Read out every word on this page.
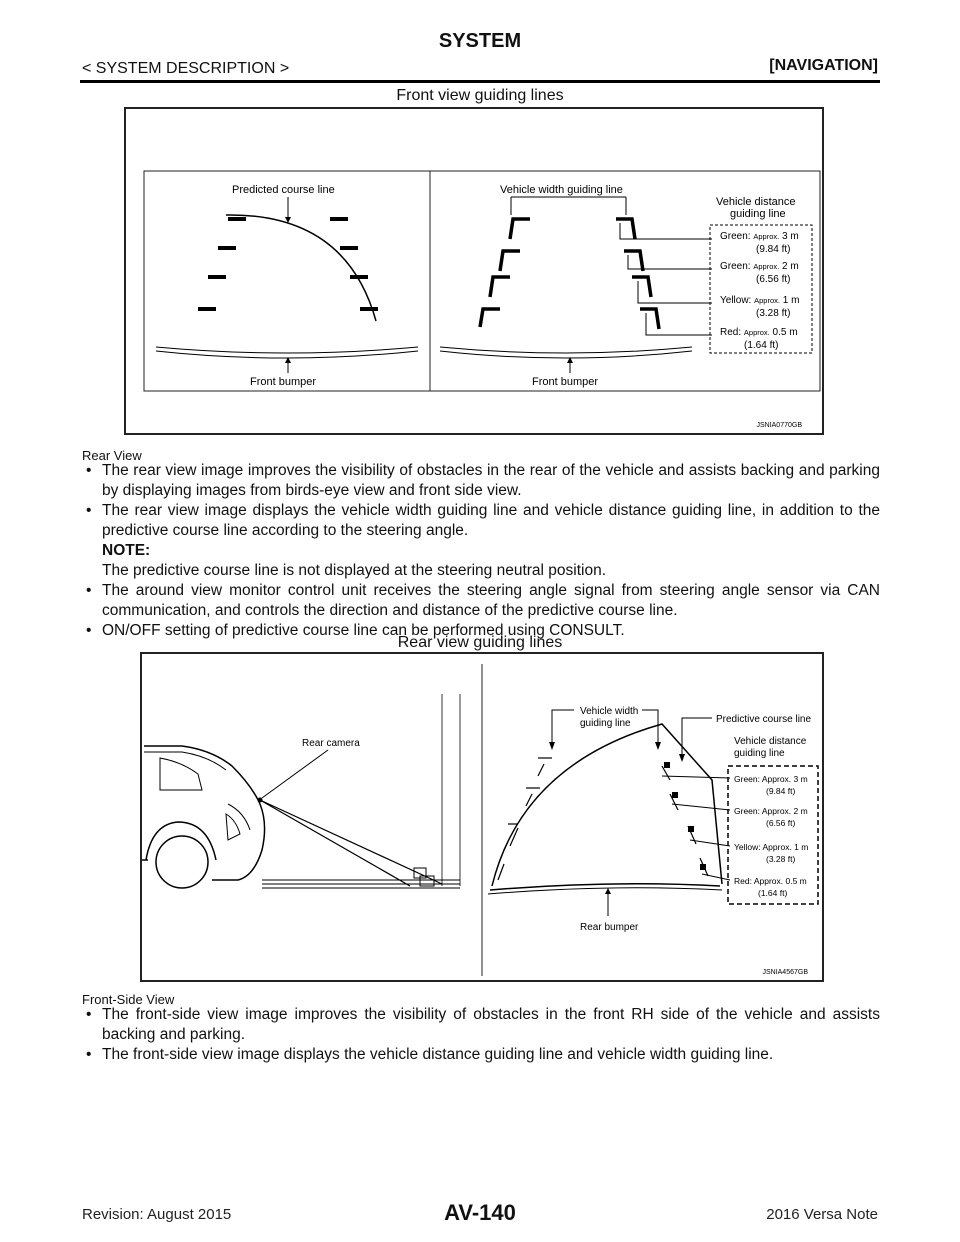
SYSTEM
< SYSTEM DESCRIPTION >	[NAVIGATION]
Front view guiding lines
Predicted course line
Front bumper
Vehicle width guiding line
Vehicle distance
guiding line
Front bumper
Green: Approx. 3 m
(9.84 ft)
Green: Approx. 2 m
(6.56 ft)
Yellow: Approx. 1 m
(3.28 ft)
Red: Approx. 0.5 m
(1.64 ft)
JSNIA0770GB
Rear View
• The rear view image improves the visibility of obstacles in the rear of the vehicle and assists backing and parking by displaying images from birds-eye view and front side view.
• The rear view image displays the vehicle width guiding line and vehicle distance guiding line, in addition to the predictive course line according to the steering angle.
NOTE:
The predictive course line is not displayed at the steering neutral position.
• The around view monitor control unit receives the steering angle signal from steering angle sensor via CAN communication, and controls the direction and distance of the predictive course line.
• ON/OFF setting of predictive course line can be performed using CONSULT.
Rear view guiding lines
Rear camera
Vehicle width
guiding line	Predictive course line
Vehicle distance
guiding line
Green: Approx. 3 m
(9.84 ft)
Green: Approx. 2 m
(6.56 ft)
Yellow: Approx. 1 m
(3.28 ft)
Red: Approx. 0.5 m
(1.64 ft)
Rear bumper
JSNIA4567GB
Front-Side View
• The front-side view image improves the visibility of obstacles in the front RH side of the vehicle and assists backing and parking.
• The front-side view image displays the vehicle distance guiding line and vehicle width guiding line.
Revision: August 2015	AV-140	2016 Versa Note
